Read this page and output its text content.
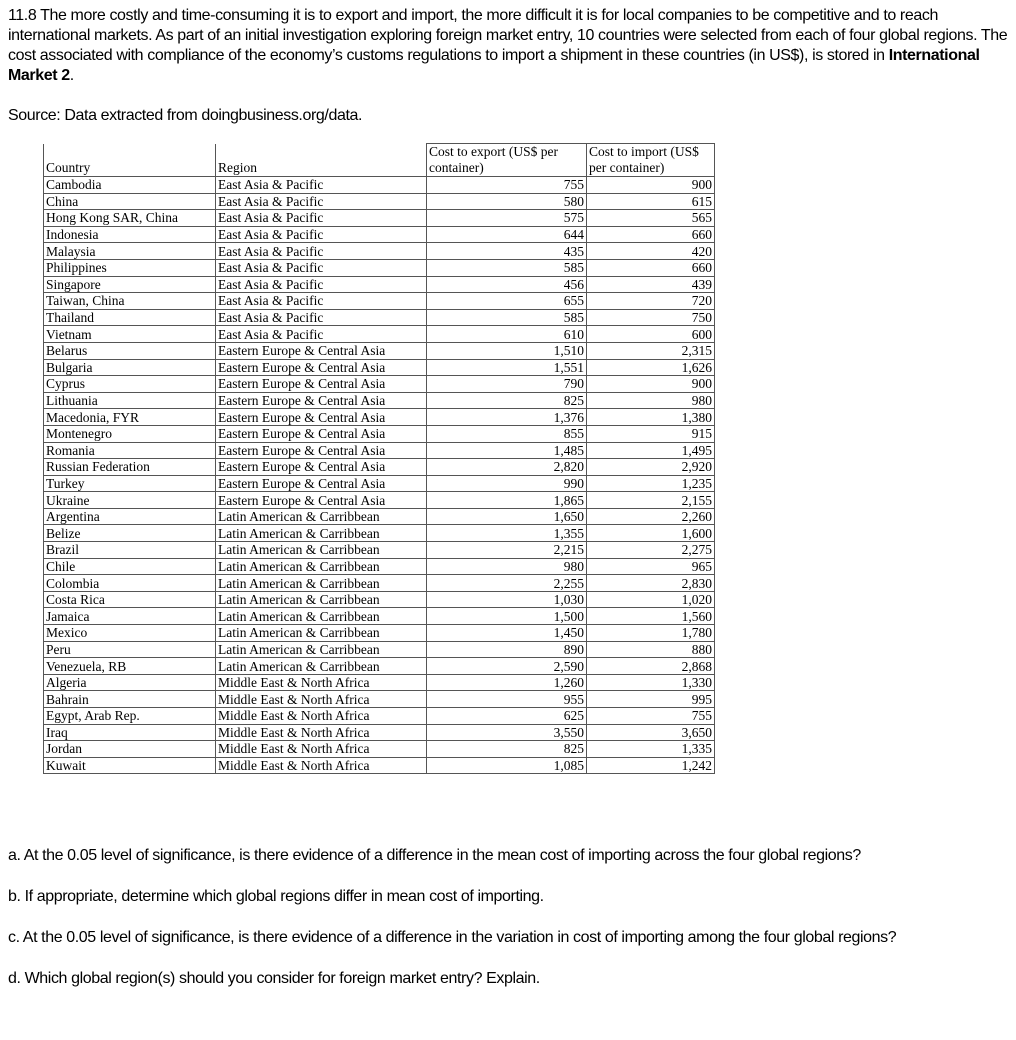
11.8 The more costly and time-consuming it is to export and import, the more difficult it is for local companies to be competitive and to reach international markets. As part of an initial investigation exploring foreign market entry, 10 countries were selected from each of four global regions. The cost associated with compliance of the economy’s customs regulations to import a shipment in these countries (in US$), is stored in International Market 2.

Source: Data extracted from doingbusiness.org/data.
Country	Region	Cost to export (US$ per container)	Cost to import (US$ per container)
Cambodia	East Asia & Pacific	755	900
China	East Asia & Pacific	580	615
Hong Kong SAR, China	East Asia & Pacific	575	565
Indonesia	East Asia & Pacific	644	660
Malaysia	East Asia & Pacific	435	420
Philippines	East Asia & Pacific	585	660
Singapore	East Asia & Pacific	456	439
Taiwan, China	East Asia & Pacific	655	720
Thailand	East Asia & Pacific	585	750
Vietnam	East Asia & Pacific	610	600
Belarus	Eastern Europe & Central Asia	1,510	2,315
Bulgaria	Eastern Europe & Central Asia	1,551	1,626
Cyprus	Eastern Europe & Central Asia	790	900
Lithuania	Eastern Europe & Central Asia	825	980
Macedonia, FYR	Eastern Europe & Central Asia	1,376	1,380
Montenegro	Eastern Europe & Central Asia	855	915
Romania	Eastern Europe & Central Asia	1,485	1,495
Russian Federation	Eastern Europe & Central Asia	2,820	2,920
Turkey	Eastern Europe & Central Asia	990	1,235
Ukraine	Eastern Europe & Central Asia	1,865	2,155
Argentina	Latin American & Carribbean	1,650	2,260
Belize	Latin American & Carribbean	1,355	1,600
Brazil	Latin American & Carribbean	2,215	2,275
Chile	Latin American & Carribbean	980	965
Colombia	Latin American & Carribbean	2,255	2,830
Costa Rica	Latin American & Carribbean	1,030	1,020
Jamaica	Latin American & Carribbean	1,500	1,560
Mexico	Latin American & Carribbean	1,450	1,780
Peru	Latin American & Carribbean	890	880
Venezuela, RB	Latin American & Carribbean	2,590	2,868
Algeria	Middle East & North Africa	1,260	1,330
Bahrain	Middle East & North Africa	955	995
Egypt, Arab Rep.	Middle East & North Africa	625	755
Iraq	Middle East & North Africa	3,550	3,650
Jordan	Middle East & North Africa	825	1,335
Kuwait	Middle East & North Africa	1,085	1,242

a. At the 0.05 level of significance, is there evidence of a difference in the mean cost of importing across the four global regions?

b. If appropriate, determine which global regions differ in mean cost of importing.

c. At the 0.05 level of significance, is there evidence of a difference in the variation in cost of importing among the four global regions?

d. Which global region(s) should you consider for foreign market entry? Explain.
